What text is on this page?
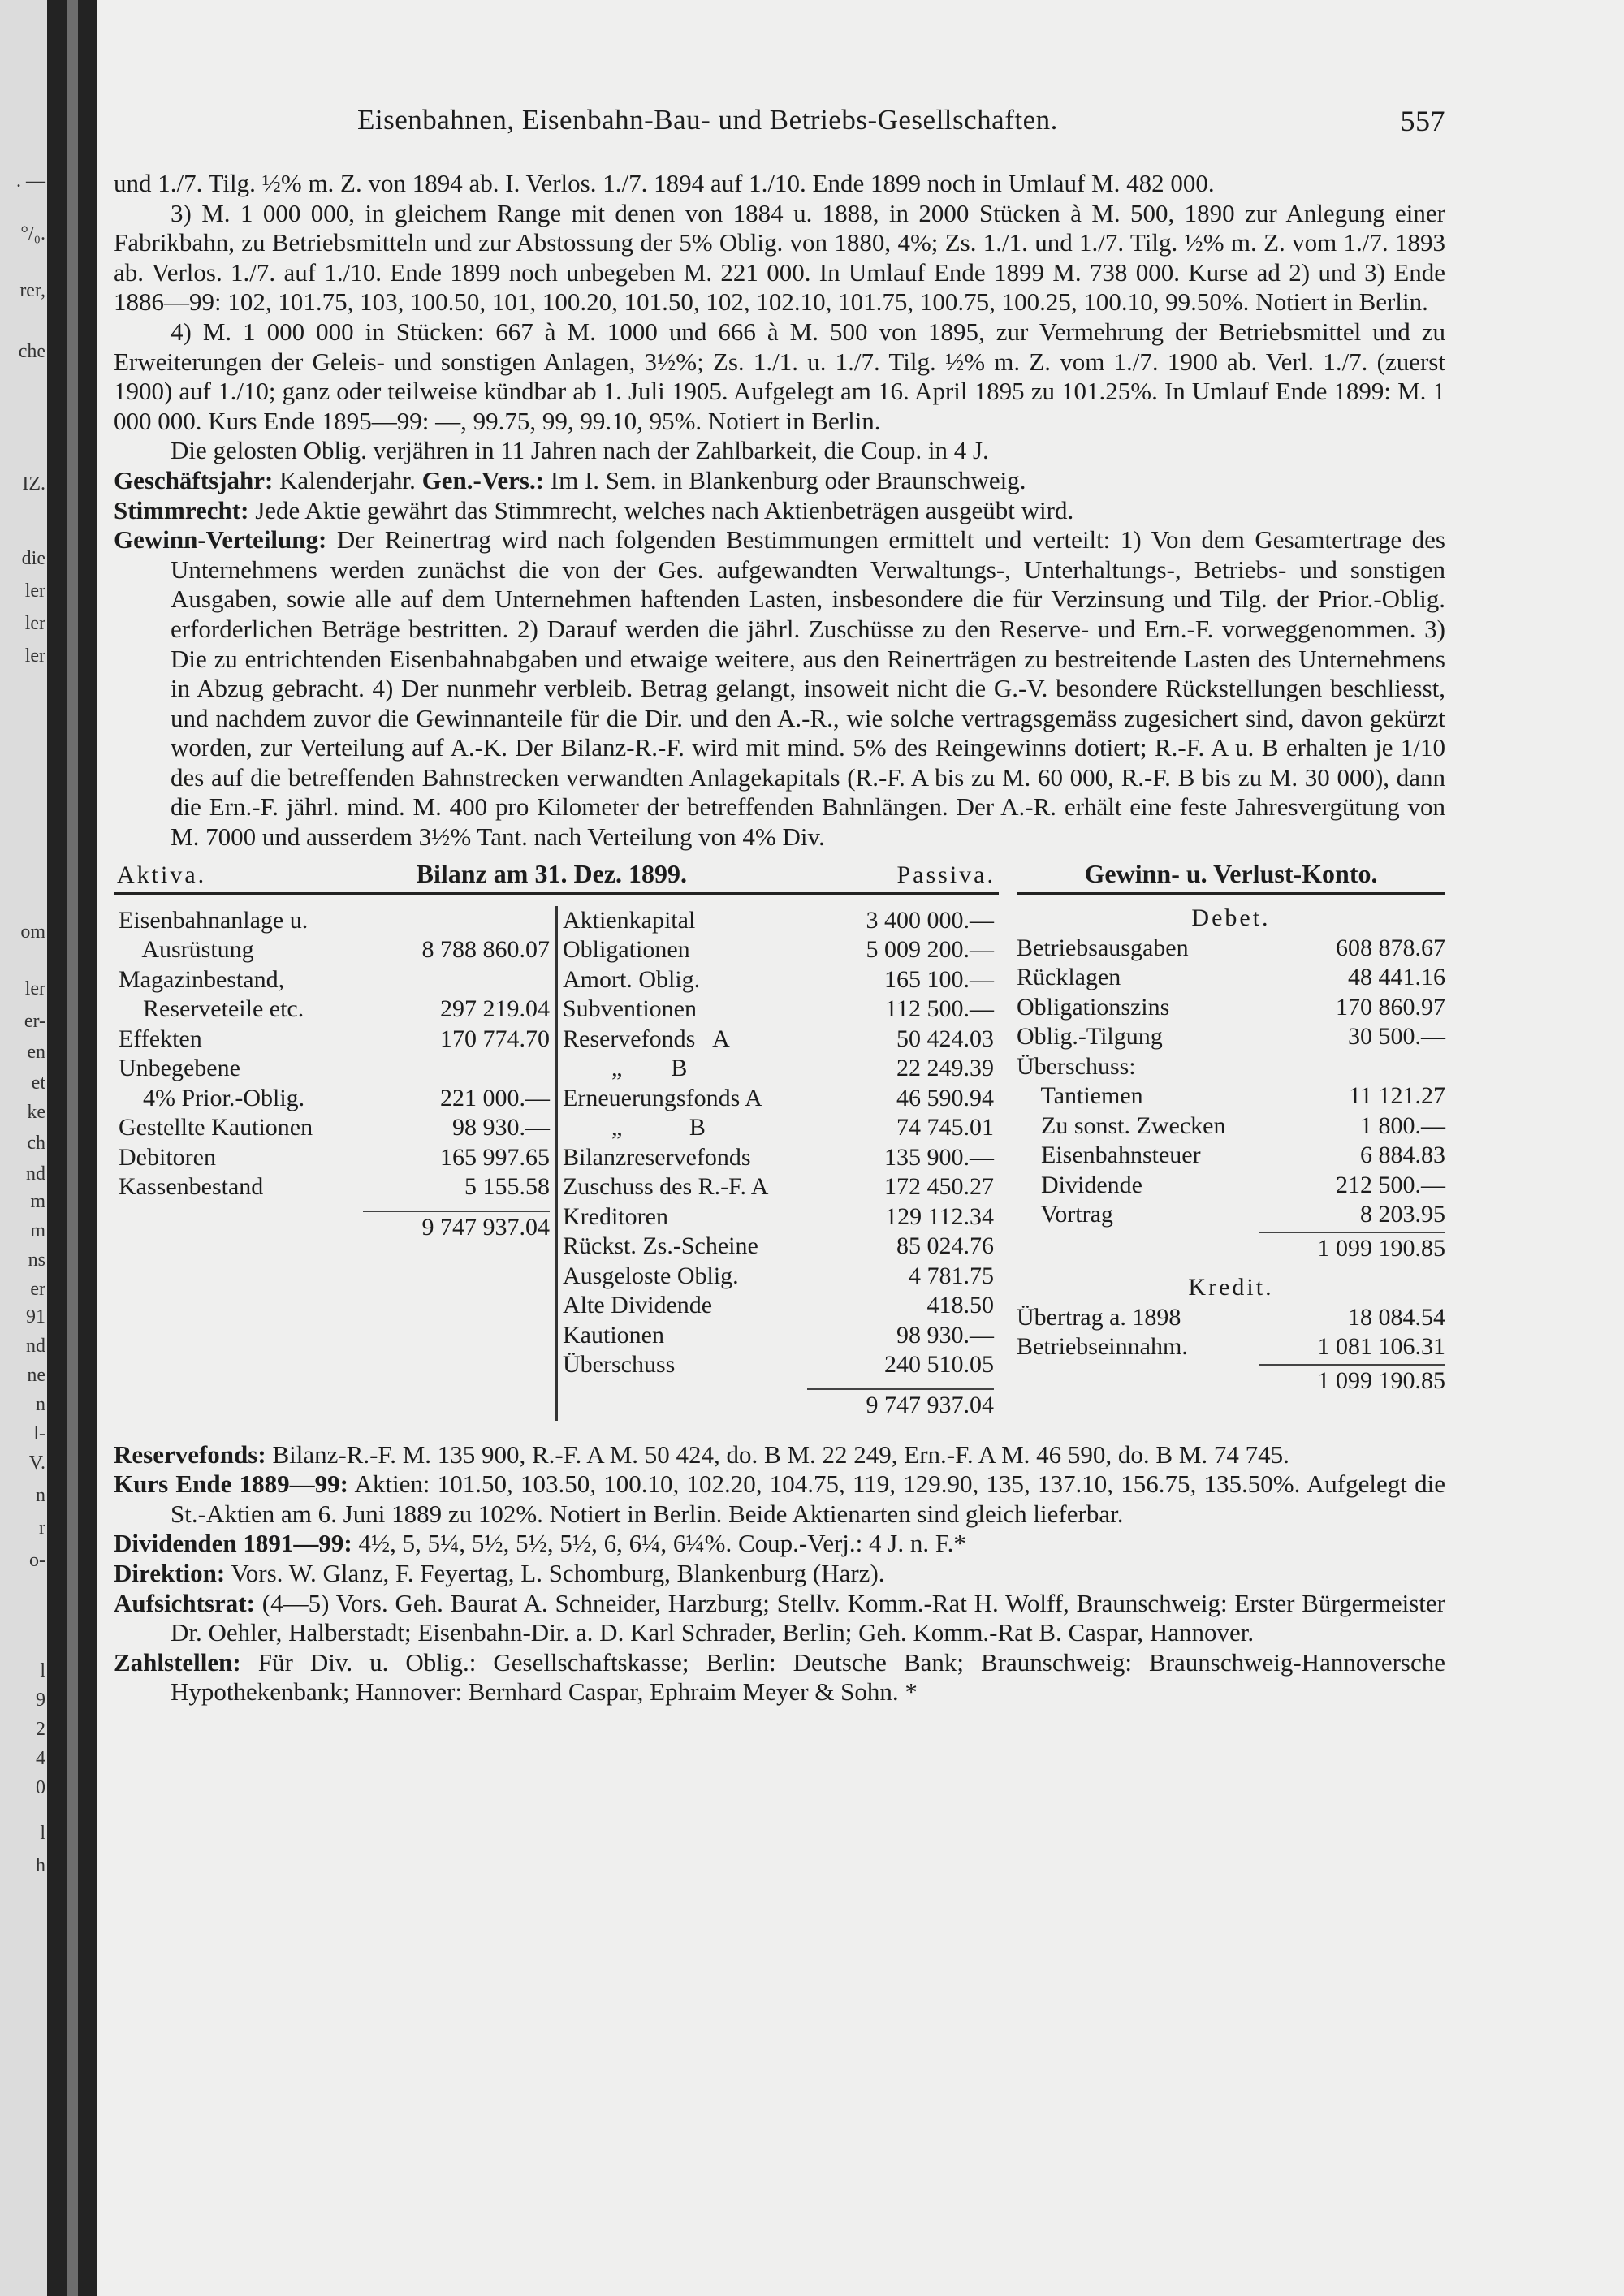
. —
°/₀.
rer,
che
IZ.
die
ler
ler
ler
om
ler
er-
en
et
ke
ch
nd
m
m
ns
er
91
nd
ne
n
l-
V.
n
r
o-
l
9
2
4
0
l
h
Eisenbahnen, Eisenbahn-Bau- und Betriebs-Gesellschaften.	557

und 1./7. Tilg. ½% m. Z. von 1894 ab. I. Verlos. 1./7. 1894 auf 1./10. Ende 1899 noch in Umlauf M. 482 000.

3) M. 1 000 000, in gleichem Range mit denen von 1884 u. 1888, in 2000 Stücken à M. 500, 1890 zur Anlegung einer Fabrikbahn, zu Betriebsmitteln und zur Abstossung der 5% Oblig. von 1880, 4%; Zs. 1./1. und 1./7. Tilg. ½% m. Z. vom 1./7. 1893 ab. Verlos. 1./7. auf 1./10. Ende 1899 noch unbegeben M. 221 000. In Umlauf Ende 1899 M. 738 000. Kurse ad 2) und 3) Ende 1886—99: 102, 101.75, 103, 100.50, 101, 100.20, 101.50, 102, 102.10, 101.75, 100.75, 100.25, 100.10, 99.50%. Notiert in Berlin.

4) M. 1 000 000 in Stücken: 667 à M. 1000 und 666 à M. 500 von 1895, zur Vermehrung der Betriebsmittel und zu Erweiterungen der Geleis- und sonstigen Anlagen, 3½%; Zs. 1./1. u. 1./7. Tilg. ½% m. Z. vom 1./7. 1900 ab. Verl. 1./7. (zuerst 1900) auf 1./10; ganz oder teilweise kündbar ab 1. Juli 1905. Aufgelegt am 16. April 1895 zu 101.25%. In Umlauf Ende 1899: M. 1 000 000. Kurs Ende 1895—99: —, 99.75, 99, 99.10, 95%. Notiert in Berlin.

Die gelosten Oblig. verjähren in 11 Jahren nach der Zahlbarkeit, die Coup. in 4 J.

Geschäftsjahr: Kalenderjahr. Gen.-Vers.: Im I. Sem. in Blankenburg oder Braunschweig.

Stimmrecht: Jede Aktie gewährt das Stimmrecht, welches nach Aktienbeträgen ausgeübt wird.

Gewinn-Verteilung: Der Reinertrag wird nach folgenden Bestimmungen ermittelt und verteilt: 1) Von dem Gesamtertrage des Unternehmens werden zunächst die von der Ges. aufgewandten Verwaltungs-, Unterhaltungs-, Betriebs- und sonstigen Ausgaben, sowie alle auf dem Unternehmen haftenden Lasten, insbesondere die für Verzinsung und Tilg. der Prior.-Oblig. erforderlichen Beträge bestritten. 2) Darauf werden die jährl. Zuschüsse zu den Reserve- und Ern.-F. vorweggenommen. 3) Die zu entrichtenden Eisenbahnabgaben und etwaige weitere, aus den Reinerträgen zu bestreitende Lasten des Unternehmens in Abzug gebracht. 4) Der nunmehr verbleib. Betrag gelangt, insoweit nicht die G.-V. besondere Rückstellungen beschliesst, und nachdem zuvor die Gewinnanteile für die Dir. und den A.-R., wie solche vertragsgemäss zugesichert sind, davon gekürzt worden, zur Verteilung auf A.-K. Der Bilanz-R.-F. wird mit mind. 5% des Reingewinns dotiert; R.-F. A u. B erhalten je 1/10 des auf die betreffenden Bahnstrecken verwandten Anlagekapitals (R.-F. A bis zu M. 60 000, R.-F. B bis zu M. 30 000), dann die Ern.-F. jährl. mind. M. 400 pro Kilometer der betreffenden Bahnlängen. Der A.-R. erhält eine feste Jahresvergütung von M. 7000 und ausserdem 3½% Tant. nach Verteilung von 4% Div.

Aktiva.	Bilanz am 31. Dez. 1899.	Passiva.
Eisenbahnanlage u.
Ausrüstung	8 788 860.07
Magazinbestand,
Reserveteile etc.	297 219.04
Effekten	170 774.70
Unbegebene
4% Prior.-Oblig.	221 000.—
Gestellte Kautionen	98 930.—
Debitoren	165 997.65
Kassenbestand	5 155.58
9 747 937.04
Aktienkapital	3 400 000.—
Obligationen	5 009 200.—
Amort. Oblig.	165 100.—
Subventionen	112 500.—
Reservefonds   A	50 424.03
„        B	22 249.39
Erneuerungsfonds A	46 590.94
„           B	74 745.01
Bilanzreservefonds	135 900.—
Zuschuss des R.-F. A	172 450.27
Kreditoren	129 112.34
Rückst. Zs.-Scheine	85 024.76
Ausgeloste Oblig.	4 781.75
Alte Dividende	418.50
Kautionen	98 930.—
Überschuss	240 510.05
9 747 937.04
Gewinn- u. Verlust-Konto.
Debet.
Betriebsausgaben	608 878.67
Rücklagen	48 441.16
Obligationszins	170 860.97
Oblig.-Tilgung	30 500.—
Überschuss:
Tantiemen	11 121.27
Zu sonst. Zwecken	1 800.—
Eisenbahnsteuer	6 884.83
Dividende	212 500.—
Vortrag	8 203.95
1 099 190.85
Kredit.
Übertrag a. 1898	18 084.54
Betriebseinnahm.	1 081 106.31
1 099 190.85

Reservefonds: Bilanz-R.-F. M. 135 900, R.-F. A M. 50 424, do. B M. 22 249, Ern.-F. A M. 46 590, do. B M. 74 745.

Kurs Ende 1889—99: Aktien: 101.50, 103.50, 100.10, 102.20, 104.75, 119, 129.90, 135, 137.10, 156.75, 135.50%. Aufgelegt die St.-Aktien am 6. Juni 1889 zu 102%. Notiert in Berlin. Beide Aktienarten sind gleich lieferbar.

Dividenden 1891—99: 4½, 5, 5¼, 5½, 5½, 5½, 6, 6¼, 6¼%. Coup.-Verj.: 4 J. n. F.*

Direktion: Vors. W. Glanz, F. Feyertag, L. Schomburg, Blankenburg (Harz).

Aufsichtsrat: (4—5) Vors. Geh. Baurat A. Schneider, Harzburg; Stellv. Komm.-Rat H. Wolff, Braunschweig: Erster Bürgermeister Dr. Oehler, Halberstadt; Eisenbahn-Dir. a. D. Karl Schrader, Berlin; Geh. Komm.-Rat B. Caspar, Hannover.

Zahlstellen: Für Div. u. Oblig.: Gesellschaftskasse; Berlin: Deutsche Bank; Braunschweig: Braunschweig-Hannoversche Hypothekenbank; Hannover: Bernhard Caspar, Ephraim Meyer & Sohn. *
